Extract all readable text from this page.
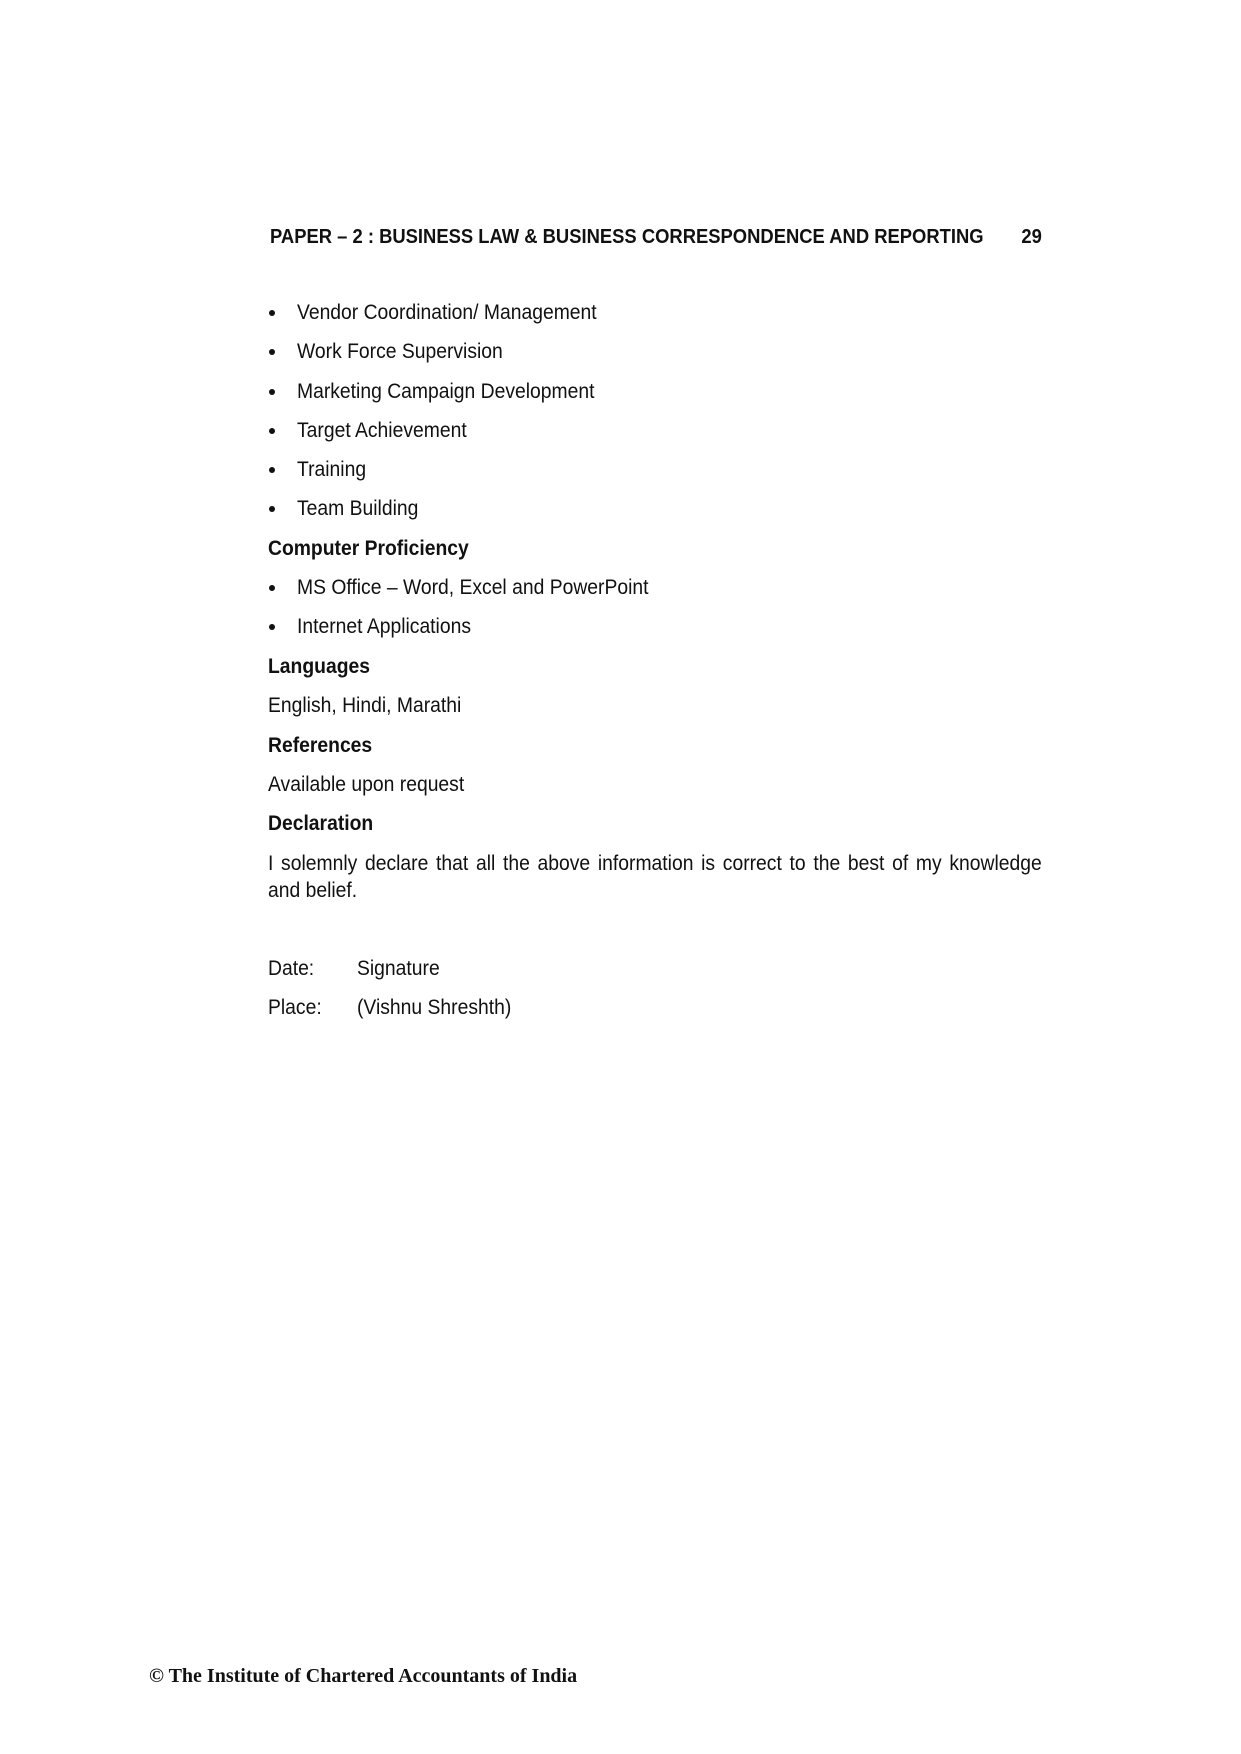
PAPER – 2 : BUSINESS LAW & BUSINESS CORRESPONDENCE AND REPORTING 29
Vendor Coordination/ Management
Work Force Supervision
Marketing Campaign Development
Target Achievement
Training
Team Building
Computer Proficiency
MS Office – Word, Excel and PowerPoint
Internet Applications
Languages
English, Hindi, Marathi
References
Available upon request
Declaration
I solemnly declare that all the above information is correct to the best of my knowledge
and belief.
Date: Signature
Place: (Vishnu Shreshth)
© The Institute of Chartered Accountants of India
